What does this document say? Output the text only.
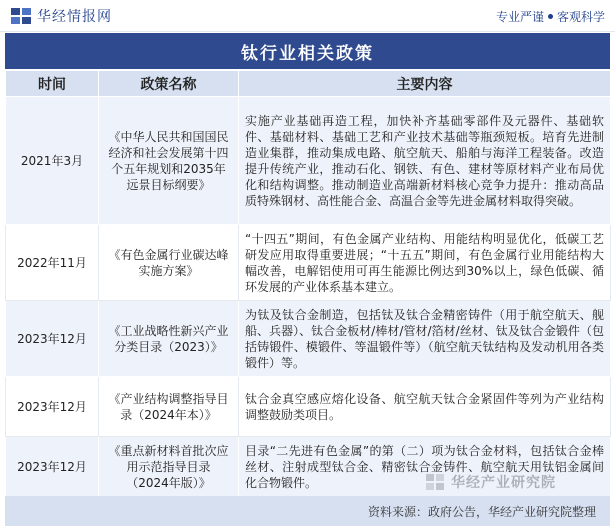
华经情报网	专业严谨 客观科学
钛行业相关政策
时间	政策名称	主要内容
2021年3月	《中华人民共和国国民经济和社会发展第十四个五年规划和2035年远景目标纲要》	实施产业基础再造工程，加快补齐基础零部件及元器件、基础软件、基础材料、基础工艺和产业技术基础等瓶颈短板。培育先进制造业集群，推动集成电路、航空航天、船舶与海洋工程装备。改造提升传统产业，推动石化、钢铁、有色、建材等原材料产业布局优化和结构调整。推动制造业高端新材料核心竞争力提升：推动高品质特殊钢材、高性能合金、高温合金等先进金属材料取得突破。
2022年11月	《有色金属行业碳达峰实施方案》	“十四五”期间，有色金属产业结构、用能结构明显优化，低碳工艺研发应用取得重要进展；“十五五”期间，有色金属行业用能结构大幅改善，电解铝使用可再生能源比例达到30%以上，绿色低碳、循环发展的产业体系基本建立。
2023年12月	《工业战略性新兴产业分类目录（2023）》	为钛及钛合金制造，包括钛及钛合金精密铸件（用于航空航天、舰船、兵器）、钛合金板材/棒材/管材/箔材/丝材、钛及钛合金锻件（包括铸锻件、模锻件、等温锻件等）（航空航天钛结构及发动机用各类锻件）等。
2023年12月	《产业结构调整指导目录（2024年本）》	钛合金真空感应熔化设备、航空航天钛合金紧固件等列为产业结构调整鼓励类项目。
2023年12月	《重点新材料首批次应用示范指导目录（2024年版）》	目录“二先进有色金属”的第（二）项为钛合金材料，包括钛合金棒丝材、注射成型钛合金、精密钛合金铸件、航空航天用钛铝金属间化合物锻件。	华经产业研究院
资料来源：政府公告，华经产业研究院整理
